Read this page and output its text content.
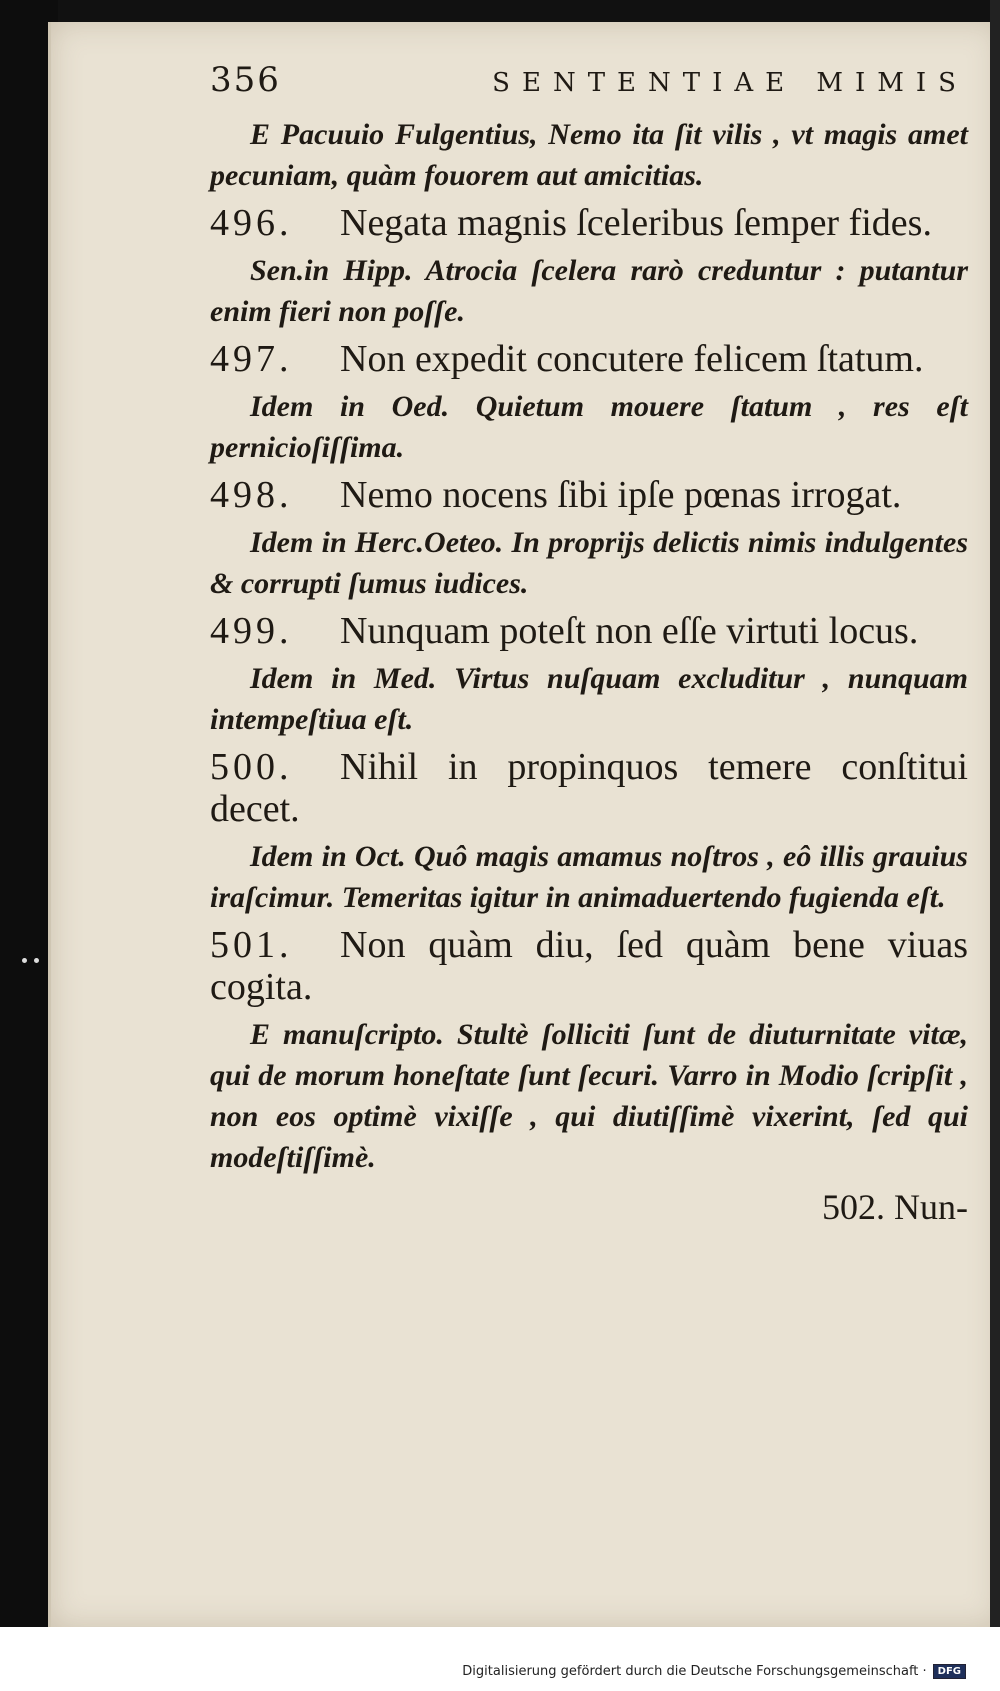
356	SENTENTIAE MIMIS
E Pacuuio Fulgentius, Nemo ita ſit vilis , vt magis amet pecuniam, quàm fouorem aut amicitias.
496. Negata magnis ſceleribus ſemper fides.
Sen.in Hipp. Atrocia ſcelera rarò creduntur : putantur enim fieri non poſſe.
497. Non expedit concutere felicem ſtatum.
Idem in Oed. Quietum mouere ſtatum , res eſt pernicioſiſſima.
498. Nemo nocens ſibi ipſe pœnas irrogat.
Idem in Herc.Oeteo. In proprijs delictis nimis indulgentes & corrupti ſumus iudices.
499. Nunquam poteſt non eſſe virtuti locus.
Idem in Med. Virtus nuſquam excluditur , nunquam intempeſtiua eſt.
500. Nihil in propinquos temere conſtitui decet.
Idem in Oct. Quô magis amamus noſtros , eô illis grauius iraſcimur. Temeritas igitur in animaduertendo fugienda eſt.
501. Non quàm diu, ſed quàm bene viuas cogita.
E manuſcripto. Stultè ſolliciti ſunt de diuturnitate vitæ, qui de morum honeſtate ſunt ſecuri. Varro in Modio ſcripſit , non eos optimè vixiſſe , qui diutiſſimè vixerint, ſed qui modeſtiſſimè.
502. Nun-
Digitalisierung gefördert durch die Deutsche Forschungsgemeinschaft ·	DFG
